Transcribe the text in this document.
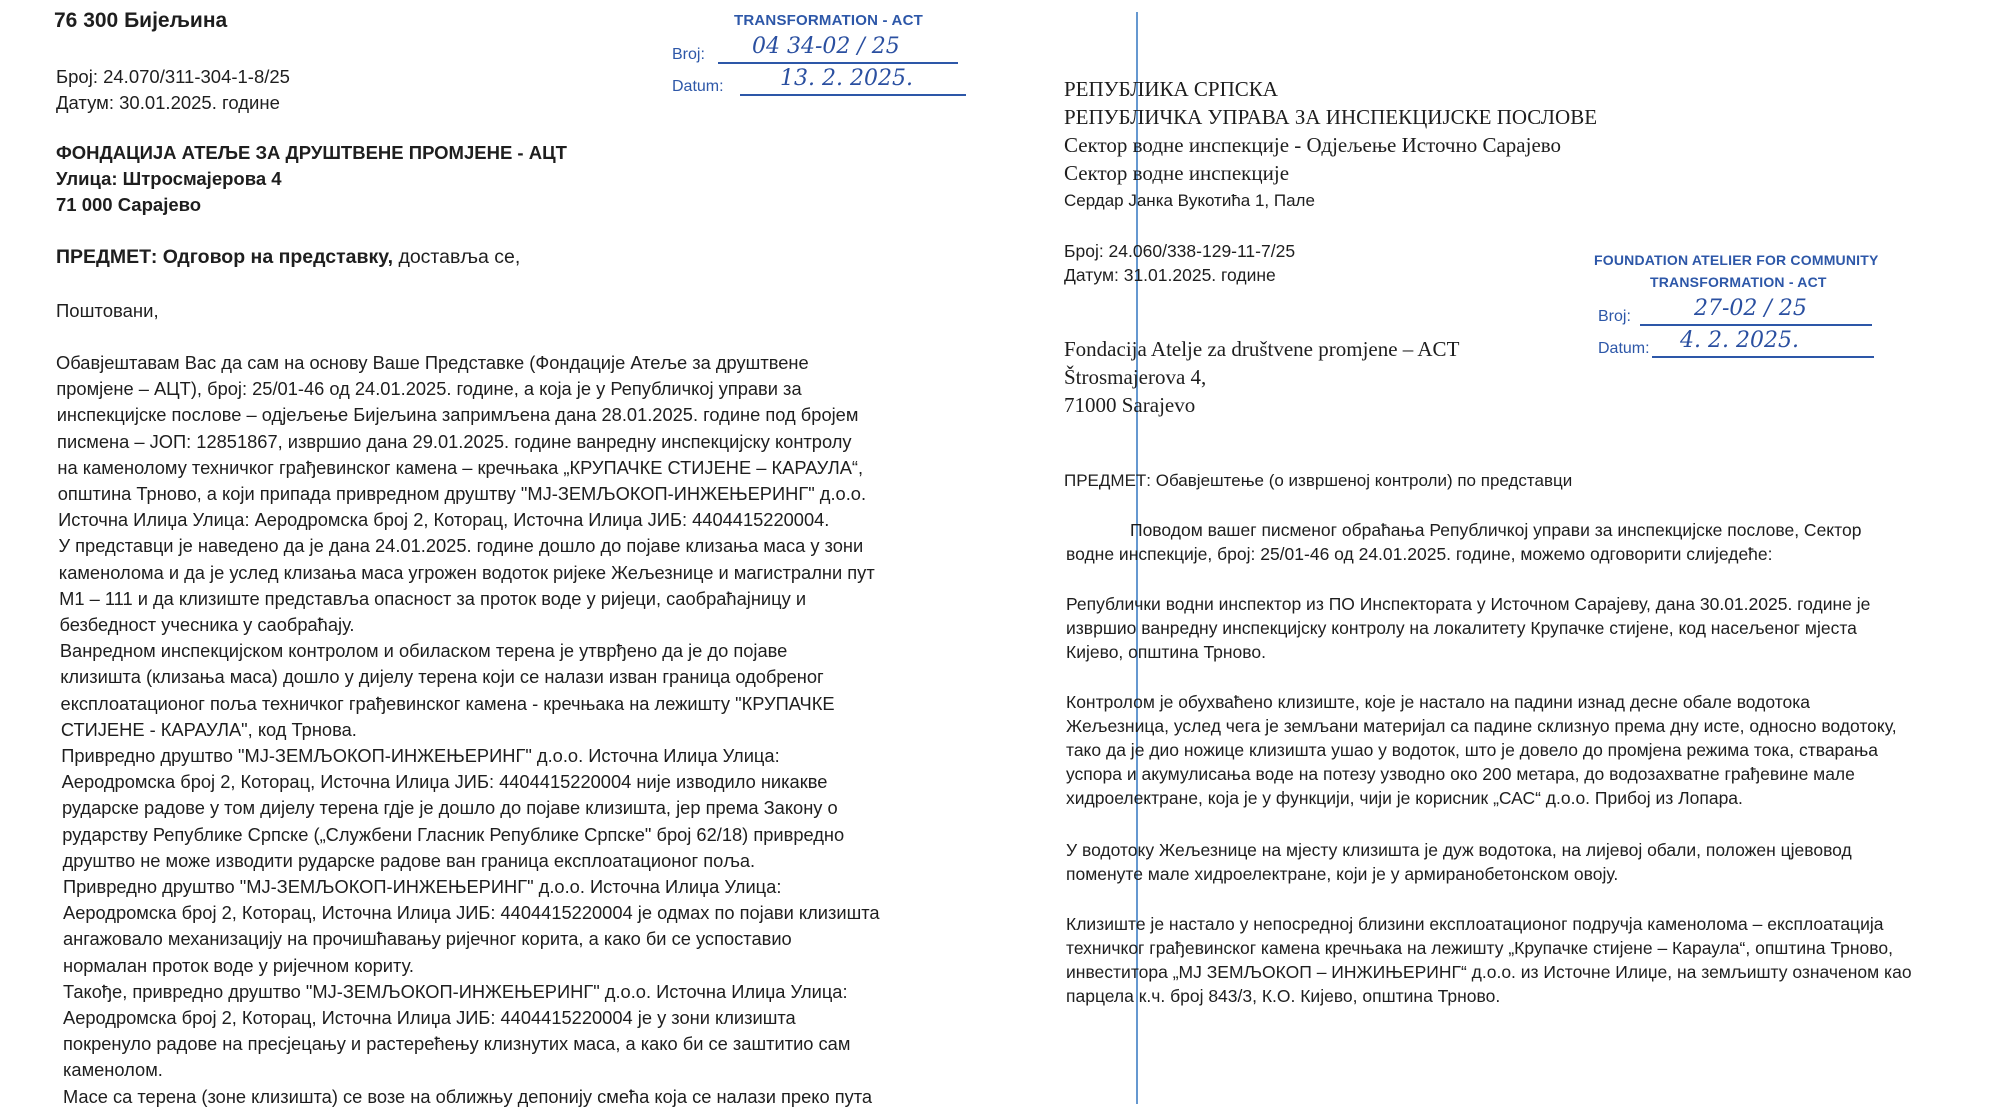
76 300 Бијељина
Број: 24.070/311-304-1-8/25
Датум: 30.01.2025. године
ФОНДАЦИЈА АТЕЉЕ ЗА ДРУШТВЕНЕ ПРОМЈЕНЕ - АЦТ
Улица: Штросмајерова 4
71 000 Сарајево
ПРЕДМЕТ: Одговор на представку, доставља се,
Поштовани,
Обавјештавам Вас да сам на основу Ваше Представке (Фондације Атеље за друштвене
промјене – АЦТ), број: 25/01-46 од 24.01.2025. године, а која је у Републичкој управи за
инспекцијске послове – одјељење Бијељина запримљена дана 28.01.2025. године под бројем
писмена – ЈОП: 12851867, извршио дана 29.01.2025. године ванредну инспекцијску контролу
на каменолому техничког грађевинског камена – кречњака „КРУПАЧКЕ СТИЈЕНЕ – КАРАУЛА“,
општина Трново, а који припада привредном друштву "МЈ-ЗЕМЉОКОП-ИНЖЕЊЕРИНГ" д.о.о.
Источна Илиџа Улица: Аеродромска број 2, Которац, Источна Илиџа ЈИБ: 4404415220004.
У представци је наведено да је дана 24.01.2025. године дошло до појаве клизања маса у зони
каменолома и да је услед клизања маса угрожен водоток ријеке Жељезнице и магистрални пут
М1 – 111 и да клизиште представља опасност за проток воде у ријеци, саобраћајницу и
безбедност учесника у саобраћају.
Ванредном инспекцијском контролом и обиласком терена је утврђено да је до појаве
клизишта (клизања маса) дошло у дијелу терена који се налази изван граница одобреног
експлоатационог поља техничког грађевинског камена - кречњака на лежишту "КРУПАЧКЕ
СТИЈЕНЕ - КАРАУЛА", код Трнова.
Привредно друштво "МЈ-ЗЕМЉОКОП-ИНЖЕЊЕРИНГ" д.о.о. Источна Илиџа Улица:
Аеродромска број 2, Которац, Источна Илиџа ЈИБ: 4404415220004 није изводило никакве
рударске радове у том дијелу терена гдје је дошло до појаве клизишта, јер према Закону о
рударству Републике Српске („Службени Гласник Републике Српске" број 62/18) привредно
друштво не може изводити рударске радове ван граница експлоатационог поља.
Привредно друштво "МЈ-ЗЕМЉОКОП-ИНЖЕЊЕРИНГ" д.о.о. Источна Илиџа Улица:
Аеродромска број 2, Которац, Источна Илиџа ЈИБ: 4404415220004 је одмах по појави клизишта
ангажовало механизацију на прочишћавању ријечног корита, а како би се успоставио
нормалан проток воде у ријечном кориту.
Такође, привредно друштво "МЈ-ЗЕМЉОКОП-ИНЖЕЊЕРИНГ" д.о.о. Источна Илиџа Улица:
Аеродромска број 2, Которац, Источна Илиџа ЈИБ: 4404415220004 је у зони клизишта
покренуло радове на пресјецању и растерећењу клизнутих маса, а како би се заштитио сам
каменолом.
Масе са терена (зоне клизишта) се возе на оближњу депонију смећа која се налази преко пута
TRANSFORMATION - ACT
Broj: 04 34-02 / 25
Datum:	13. 2. 2025.	РЕПУБЛИКА СРПСКА
РЕПУБЛИЧКА УПРАВА ЗА ИНСПЕКЦИЈСКЕ ПОСЛОВЕ
Сектор водне инспекције - Одјељење Источно Сарајево
Сектор водне инспекције
Сердар Јанка Вукотића 1, Пале
Број: 24.060/338-129-11-7/25
Датум: 31.01.2025. године
Fondacija Atelje za društvene promjene – ACT
Štrosmajerova 4,
71000 Sarajevo
ПРЕДМЕТ: Обавјештење (о извршеној контроли) по представци
Поводом вашег писменог обраћања Републичкој управи за инспекцијске послове, Сектор
водне инспекције, број: 25/01-46 од 24.01.2025. године, можемо одговорити слиједеће:
Републички водни инспектор из ПО Инспектората у Источном Сарајеву, дана 30.01.2025. године је
извршио ванредну инспекцијску контролу на локалитету Крупачке стијене, код насељеног мјеста
Кијево, општина Трново.
Контролом је обухваћено клизиште, које је настало на падини изнад десне обале водотока
Жељезница, услед чега је земљани материјал са падине склизнуо према дну исте, односно водотоку,
тако да је дио ножице клизишта ушао у водоток, што је довело до промјена режима тока, стварања
успора и акумулисања воде на потезу узводно око 200 метара, до водозахватне грађевине мале
хидроелектране, која је у функцији, чији је корисник „САС“ д.о.о. Прибој из Лопара.
У водотоку Жељезнице на мјесту клизишта је дуж водотока, на лијевој обали, положен цјевовод
поменуте мале хидроелектране, који је у армиранобетонском овоју.
Клизиште је настало у непосредној близини експлоатационог подручја каменолома – експлоатација
техничког грађевинског камена кречњака на лежишту „Крупачке стијене – Караула“, општина Трново,
инвеститора „МЈ ЗЕМЉОКОП – ИНЖИЊЕРИНГ“ д.о.о. из Источне Илиџе, на земљишту означеном као
парцела к.ч. број 843/3, К.О. Кијево, општина Трново.
FOUNDATION ATELIER FOR COMMUNITY
TRANSFORMATION - ACT
Broj:	27-02 / 25
Datum: 4. 2. 2025.
